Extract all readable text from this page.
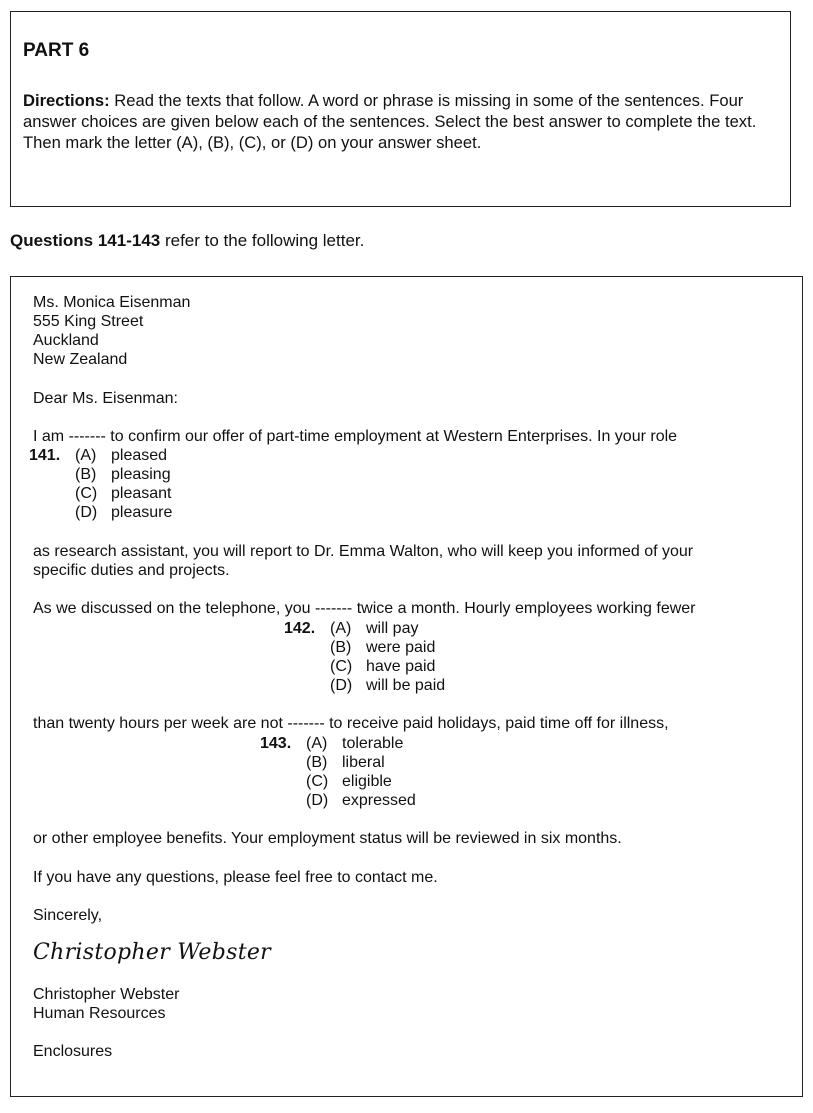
PART 6
Directions: Read the texts that follow. A word or phrase is missing in some of the sentences. Four answer choices are given below each of the sentences. Select the best answer to complete the text. Then mark the letter (A), (B), (C), or (D) on your answer sheet.
Questions 141-143 refer to the following letter.
Ms. Monica Eisenman
555 King Street
Auckland
New Zealand
Dear Ms. Eisenman:
I am ------- to confirm our offer of part-time employment at Western Enterprises. In your role
141. (A) pleased
(B) pleasing
(C) pleasant
(D) pleasure
as research assistant, you will report to Dr. Emma Walton, who will keep you informed of your
specific duties and projects.
As we discussed on the telephone, you ------- twice a month. Hourly employees working fewer
142. (A) will pay
(B) were paid
(C) have paid
(D) will be paid
than twenty hours per week are not ------- to receive paid holidays, paid time off for illness,
143. (A) tolerable
(B) liberal
(C) eligible
(D) expressed
or other employee benefits. Your employment status will be reviewed in six months.
If you have any questions, please feel free to contact me.
Sincerely,
Christopher Webster
Christopher Webster
Human Resources
Enclosures
